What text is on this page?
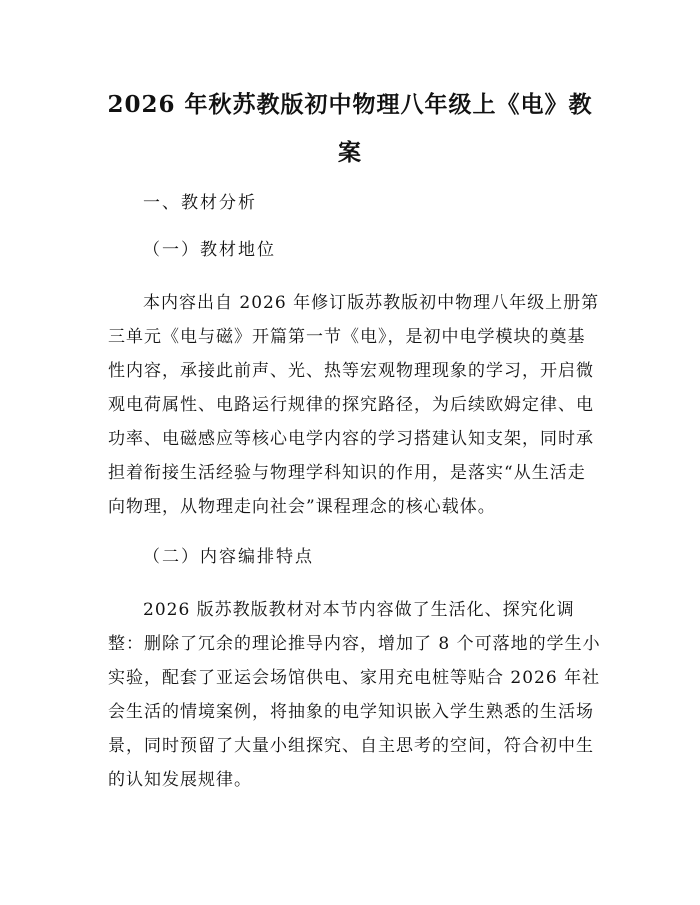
2026 年秋苏教版初中物理八年级上《电》教
案
一、教材分析
（一）教材地位
本内容出自 2026 年修订版苏教版初中物理八年级上册第
三单元《电与磁》开篇第一节《电》，是初中电学模块的奠基
性内容，承接此前声、光、热等宏观物理现象的学习，开启微
观电荷属性、电路运行规律的探究路径，为后续欧姆定律、电
功率、电磁感应等核心电学内容的学习搭建认知支架，同时承
担着衔接生活经验与物理学科知识的作用，是落实“从生活走
向物理，从物理走向社会”课程理念的核心载体。
（二）内容编排特点
2026 版苏教版教材对本节内容做了生活化、探究化调
整：删除了冗余的理论推导内容，增加了 8 个可落地的学生小
实验，配套了亚运会场馆供电、家用充电桩等贴合 2026 年社
会生活的情境案例，将抽象的电学知识嵌入学生熟悉的生活场
景，同时预留了大量小组探究、自主思考的空间，符合初中生
的认知发展规律。
